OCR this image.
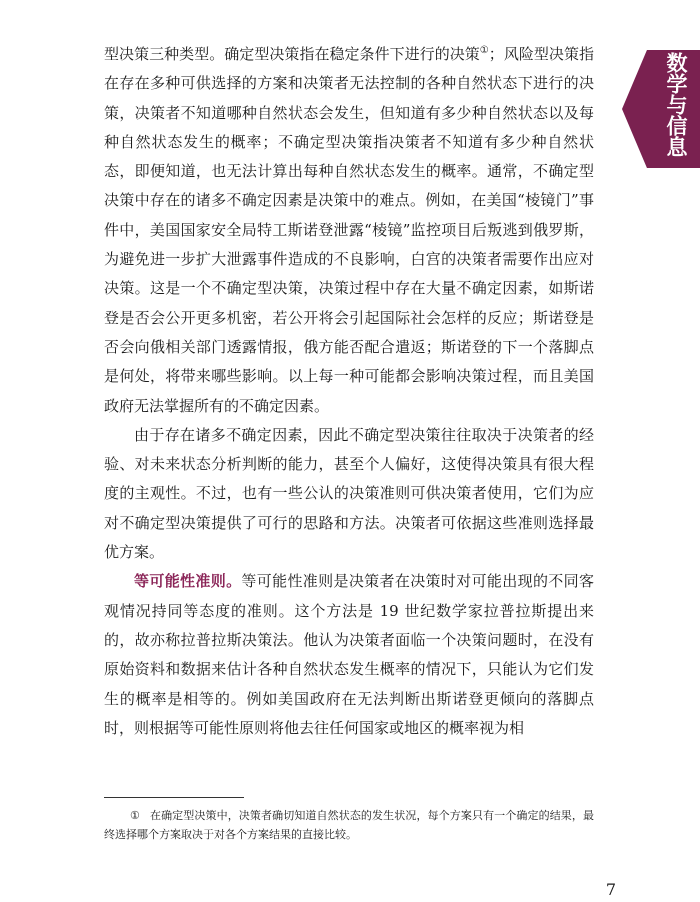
数学与信息

型决策三种类型。确定型决策指在稳定条件下进行的决策①；风险型决策指在存在多种可供选择的方案和决策者无法控制的各种自然状态下进行的决策，决策者不知道哪种自然状态会发生，但知道有多少种自然状态以及每种自然状态发生的概率；不确定型决策指决策者不知道有多少种自然状态，即便知道，也无法计算出每种自然状态发生的概率。通常，不确定型决策中存在的诸多不确定因素是决策中的难点。例如，在美国“棱镜门”事件中，美国国家安全局特工斯诺登泄露“棱镜”监控项目后叛逃到俄罗斯，为避免进一步扩大泄露事件造成的不良影响，白宫的决策者需要作出应对决策。这是一个不确定型决策，决策过程中存在大量不确定因素，如斯诺登是否会公开更多机密，若公开将会引起国际社会怎样的反应；斯诺登是否会向俄相关部门透露情报，俄方能否配合遣返；斯诺登的下一个落脚点是何处，将带来哪些影响。以上每一种可能都会影响决策过程，而且美国政府无法掌握所有的不确定因素。

由于存在诸多不确定因素，因此不确定型决策往往取决于决策者的经验、对未来状态分析判断的能力，甚至个人偏好，这使得决策具有很大程度的主观性。不过，也有一些公认的决策准则可供决策者使用，它们为应对不确定型决策提供了可行的思路和方法。决策者可依据这些准则选择最优方案。

等可能性准则。等可能性准则是决策者在决策时对可能出现的不同客观情况持同等态度的准则。这个方法是 19 世纪数学家拉普拉斯提出来的，故亦称拉普拉斯决策法。他认为决策者面临一个决策问题时，在没有原始资料和数据来估计各种自然状态发生概率的情况下，只能认为它们发生的概率是相等的。例如美国政府在无法判断出斯诺登更倾向的落脚点时，则根据等可能性原则将他去往任何国家或地区的概率视为相

① 在确定型决策中，决策者确切知道自然状态的发生状况，每个方案只有一个确定的结果，最终选择哪个方案取决于对各个方案结果的直接比较。
7
